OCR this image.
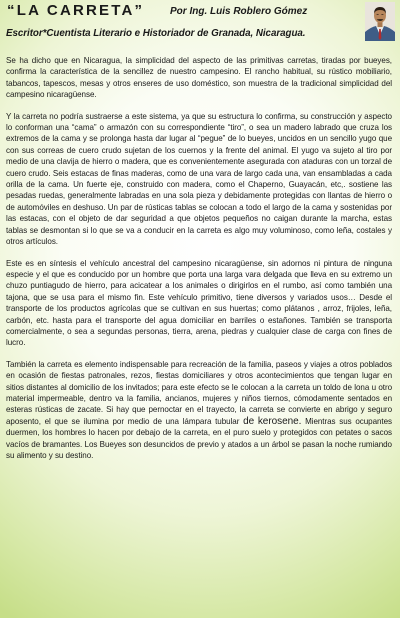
“LA CARRETA”	Por Ing. Luis Roblero Gómez
Escritor*Cuentista Literario e Historiador de Granada, Nicaragua.

Se ha dicho que en Nicaragua, la simplicidad del aspecto de las primitivas carretas, tiradas por bueyes, confirma la característica de la sencillez de nuestro campesino. El rancho habitual, su rústico mobiliario, tabancos, tapescos, mesas y otros enseres de uso doméstico, son muestra de la tradicional simplicidad del campesino nicaragüense.

Y la carreta no podría sustraerse a este sistema, ya que su estructura lo confirma, su construcción y aspecto lo conforman una “cama” o armazón con su correspondiente “tiro”, o sea un madero labrado que cruza los extremos de la cama y se prolonga hasta dar lugar al “pegue” de lo bueyes, uncidos en un sencillo yugo que con sus correas de cuero crudo sujetan de los cuernos y la frente del animal. El yugo va sujeto al tiro por medio de una clavija de hierro o madera, que es convenientemente asegurada con ataduras con un torzal de cuero crudo. Seis estacas de finas maderas, como de una vara de largo cada una, van ensambladas a cada orilla de la cama. Un fuerte eje, construido con madera, como el Chaperno, Guayacán, etc,. sostiene las pesadas ruedas, generalmente labradas en una sola pieza y debidamente protegidas con llantas de hierro o de automóviles en deshuso. Un par de rústicas tablas se colocan a todo el largo de la cama y sostenidas por las estacas, con el objeto de dar seguridad a que objetos pequeños no caigan durante la marcha, estas tablas se desmontan si lo que se va a conducir en la carreta es algo muy voluminoso, como leña, costales y otros artículos.

Este es en síntesis el vehículo ancestral del campesino nicaragüense, sin adornos ni pintura de ninguna especie y el que es conducido por un hombre que porta una larga vara delgada que lleva en su extremo un chuzo puntiagudo de hierro, para acicatear a los animales o dirigirlos en el rumbo, así como también una tajona, que se usa para el mismo fin. Este vehículo primitivo, tiene diversos y variados usos… Desde el transporte de los productos agrícolas que se cultivan en sus huertas; como plátanos , arroz, frijoles, leña, carbón, etc. hasta para el transporte del agua domiciliar en barriles o estañones. También se transporta comercialmente, o sea a segundas personas, tierra, arena, piedras y cualquier clase de carga con fines de lucro.

También la carreta es elemento indispensable para recreación de la familia, paseos y viajes a otros poblados en ocasión de fiestas patronales, rezos, fiestas domiciliares y otros acontecimientos que tengan lugar en sitios distantes al domicilio de los invitados; para este efecto se le colocan a la carreta un toldo de lona u otro material impermeable, dentro va la familia, ancianos, mujeres y niños tiernos, cómodamente sentados en esteras rústicas de zacate. Si hay que pernoctar en el trayecto, la carreta se convierte en abrigo y seguro aposento, el que se ilumina por medio de una lámpara tubular de kerosene. Mientras sus ocupantes duermen, los hombres lo hacen por debajo de la carreta, en el puro suelo y protegidos con petates o sacos vacíos de bramantes. Los Bueyes son desuncidos de previo y atados a un árbol se pasan la noche rumiando su alimento y su destino.
